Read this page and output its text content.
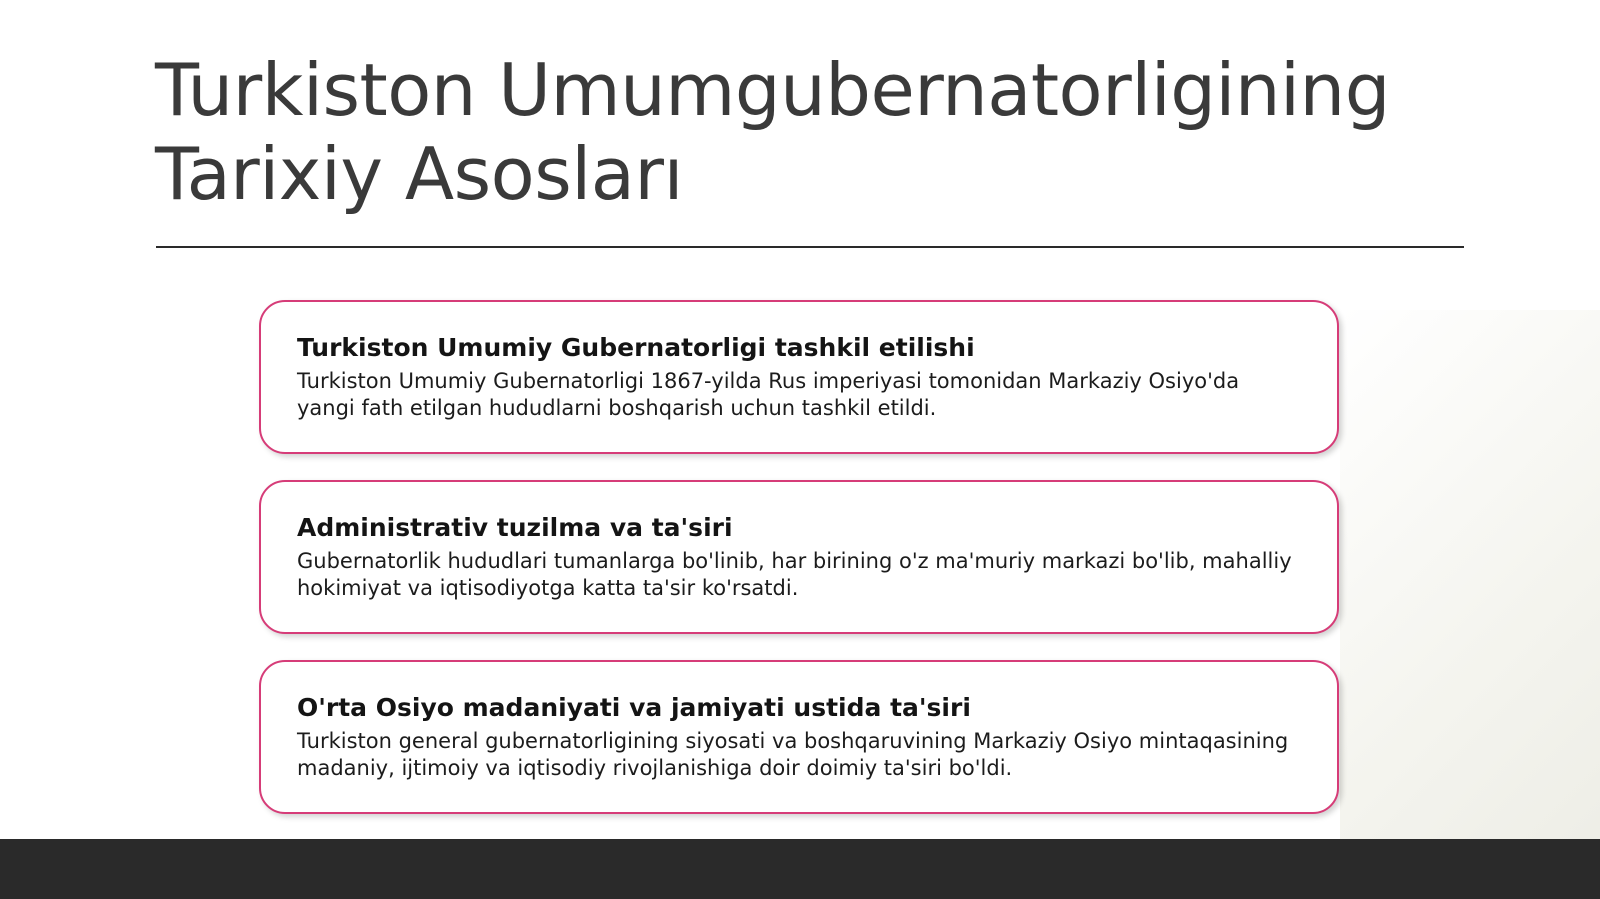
Turkiston Umumgubernatorligining
Tarixiy Asosları
Turkiston Umumiy Gubernatorligi tashkil etilishi

Turkiston Umumiy Gubernatorligi 1867-yilda Rus imperiyasi tomonidan Markaziy Osiyo'da yangi fath etilgan hududlarni boshqarish uchun tashkil etildi.

Administrativ tuzilma va ta'siri

Gubernatorlik hududlari tumanlarga bo'linib, har birining o'z ma'muriy markazi bo'lib, mahalliy hokimiyat va iqtisodiyotga katta ta'sir ko'rsatdi.

O'rta Osiyo madaniyati va jamiyati ustida ta'siri

Turkiston general gubernatorligining siyosati va boshqaruvining Markaziy Osiyo mintaqasining madaniy, ijtimoiy va iqtisodiy rivojlanishiga doir doimiy ta'siri bo'ldi.
